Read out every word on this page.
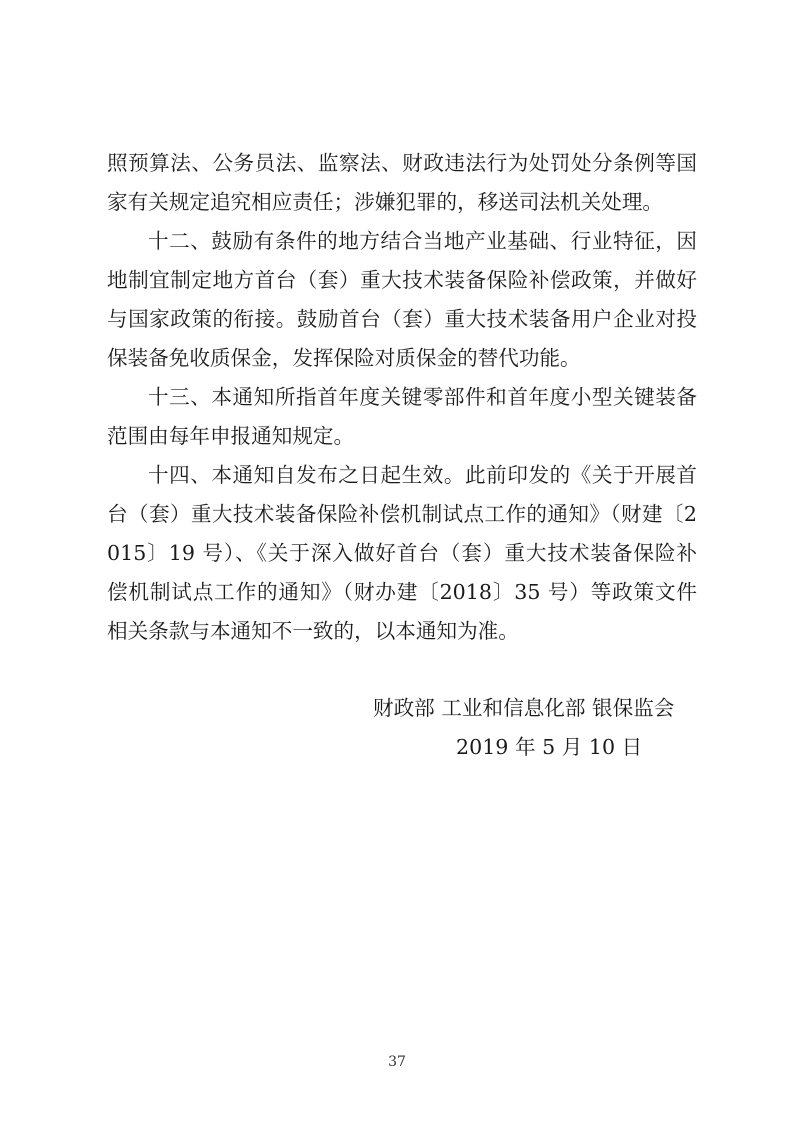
照预算法、公务员法、监察法、财政违法行为处罚处分条例等国
家有关规定追究相应责任；涉嫌犯罪的，移送司法机关处理。
十二、鼓励有条件的地方结合当地产业基础、行业特征，因
地制宜制定地方首台（套）重大技术装备保险补偿政策，并做好
与国家政策的衔接。鼓励首台（套）重大技术装备用户企业对投
保装备免收质保金，发挥保险对质保金的替代功能。
十三、本通知所指首年度关键零部件和首年度小型关键装备
范围由每年申报通知规定。
十四、本通知自发布之日起生效。此前印发的《关于开展首
台（套）重大技术装备保险补偿机制试点工作的通知》（财建〔2
015〕19 号）、《关于深入做好首台（套）重大技术装备保险补
偿机制试点工作的通知》（财办建〔2018〕35 号）等政策文件
相关条款与本通知不一致的，以本通知为准。
财政部 工业和信息化部 银保监会
2019 年 5 月 10 日
37
